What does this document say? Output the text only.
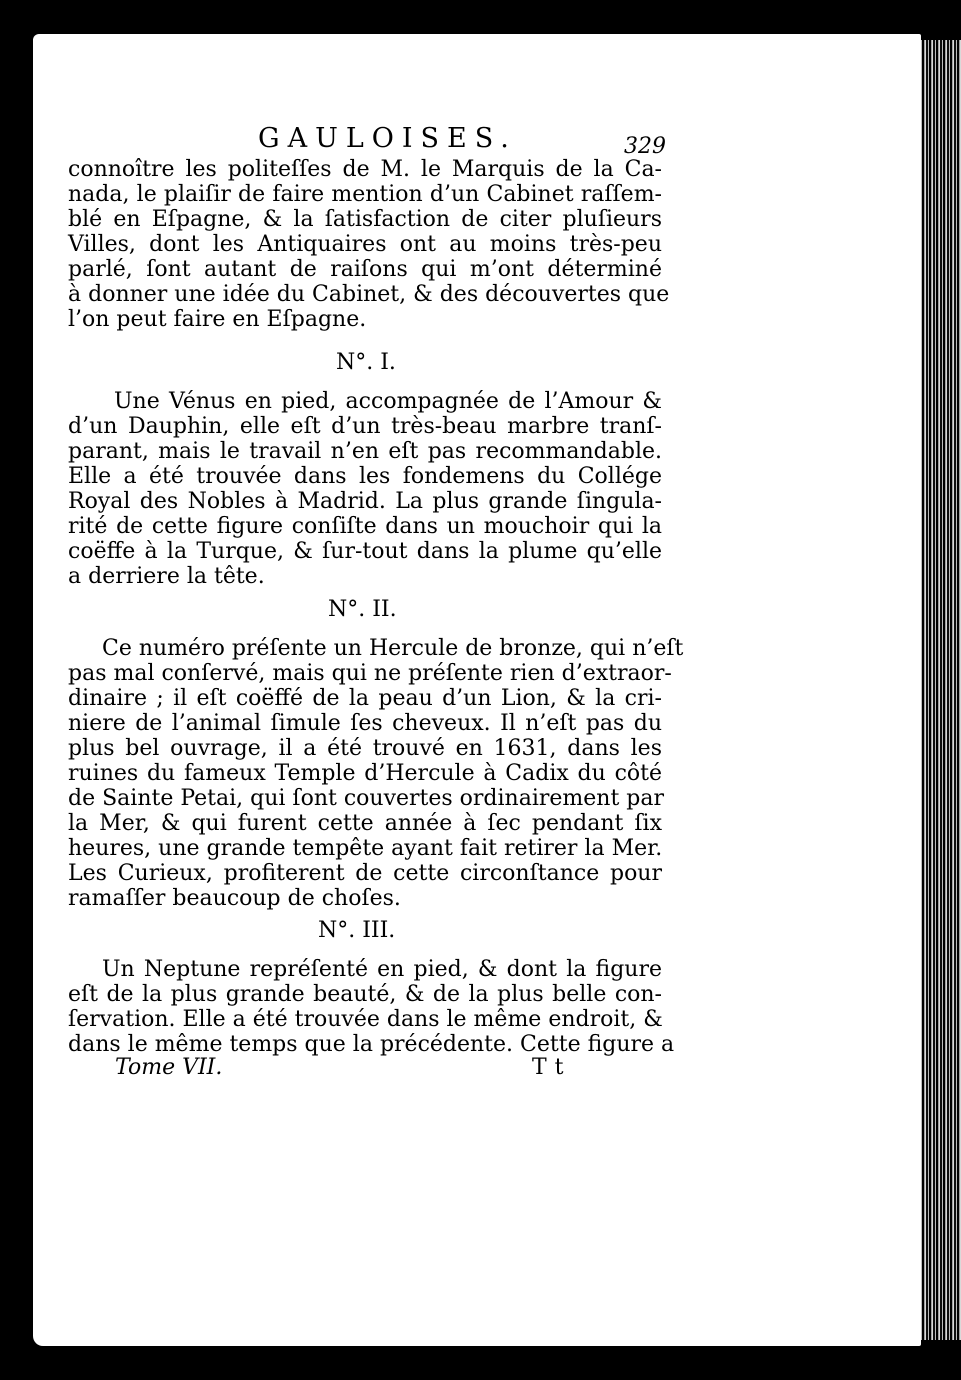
GAULOISES.	329

connoître les politeſſes de M. le Marquis de la Ca-
nada, le plaiſir de faire mention d’un Cabinet raſſem-
blé en Eſpagne, & la ſatisfaction de citer pluſieurs
Villes, dont les Antiquaires ont au moins très-peu
parlé, ſont autant de raiſons qui m’ont déterminé
à donner une idée du Cabinet, & des découvertes que
l’on peut faire en Eſpagne.

N°. I.

Une Vénus en pied, accompagnée de l’Amour &
d’un Dauphin, elle eſt d’un très-beau marbre tranſ-
parant, mais le travail n’en eſt pas recommandable.
Elle a été trouvée dans les fondemens du Collége
Royal des Nobles à Madrid. La plus grande ſingula-
rité de cette figure conſiſte dans un mouchoir qui la
coëffe à la Turque, & ſur-tout dans la plume qu’elle
a derriere la tête.

N°. II.

Ce numéro préſente un Hercule de bronze, qui n’eſt
pas mal conſervé, mais qui ne préſente rien d’extraor-
dinaire ; il eſt coëffé de la peau d’un Lion, & la cri-
niere de l’animal ſimule ſes cheveux. Il n’eſt pas du
plus bel ouvrage, il a été trouvé en 1631, dans les
ruines du fameux Temple d’Hercule à Cadix du côté
de Sainte Petai, qui ſont couvertes ordinairement par
la Mer, & qui furent cette année à ſec pendant ſix
heures, une grande tempête ayant fait retirer la Mer.
Les Curieux, profiterent de cette circonſtance pour
ramaſſer beaucoup de choſes.

N°. III.

Un Neptune repréſenté en pied, & dont la figure
eſt de la plus grande beauté, & de la plus belle con-
ſervation. Elle a été trouvée dans le même endroit, &
dans le même temps que la précédente. Cette figure a

Tome VII.	Tt
